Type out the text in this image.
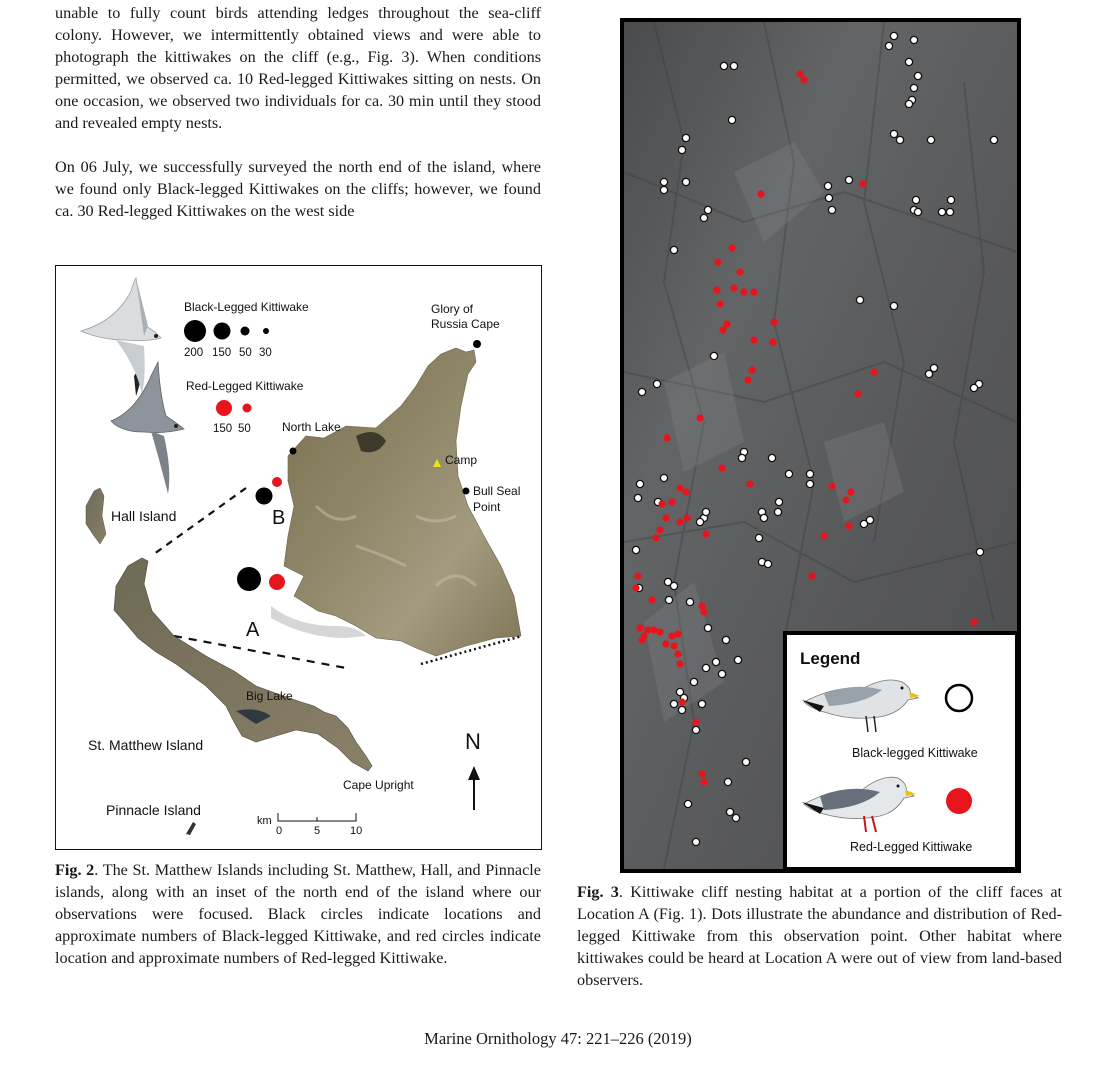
unable to fully count birds attending ledges throughout the sea-cliff colony. However, we intermittently obtained views and were able to photograph the kittiwakes on the cliff (e.g., Fig. 3). When conditions permitted, we observed ca. 10 Red-legged Kittiwakes sitting on nests. On one occasion, we observed two individuals for ca. 30 min until they stood and revealed empty nests.

On 06 July, we successfully surveyed the north end of the island, where we found only Black-legged Kittiwakes on the cliffs; however, we found ca. 30 Red-legged Kittiwakes on the west side

Black-Legged Kittiwake
200 150 50 30
Red-Legged Kittiwake
150 50
Glory of
Russia Cape
North Lake
Camp
Bull Seal
Point
B
A
Hall Island
Big Lake
St. Matthew Island
Cape Upright
Pinnacle Island
km
0	5	10
N

Fig. 2. The St. Matthew Islands including St. Matthew, Hall, and Pinnacle islands, along with an inset of the north end of the island where our observations were focused. Black circles indicate locations and approximate numbers of Black-legged Kittiwake, and red circles indicate location and approximate numbers of Red-legged Kittiwake.

Legend
Black-legged Kittiwake
Red-Legged Kittiwake

Fig. 3. Kittiwake cliff nesting habitat at a portion of the cliff faces at Location A (Fig. 1). Dots illustrate the abundance and distribution of Red-legged Kittiwake from this observation point. Other habitat where kittiwakes could be heard at Location A were out of view from land-based observers.

Marine Ornithology 47: 221–226 (2019)
